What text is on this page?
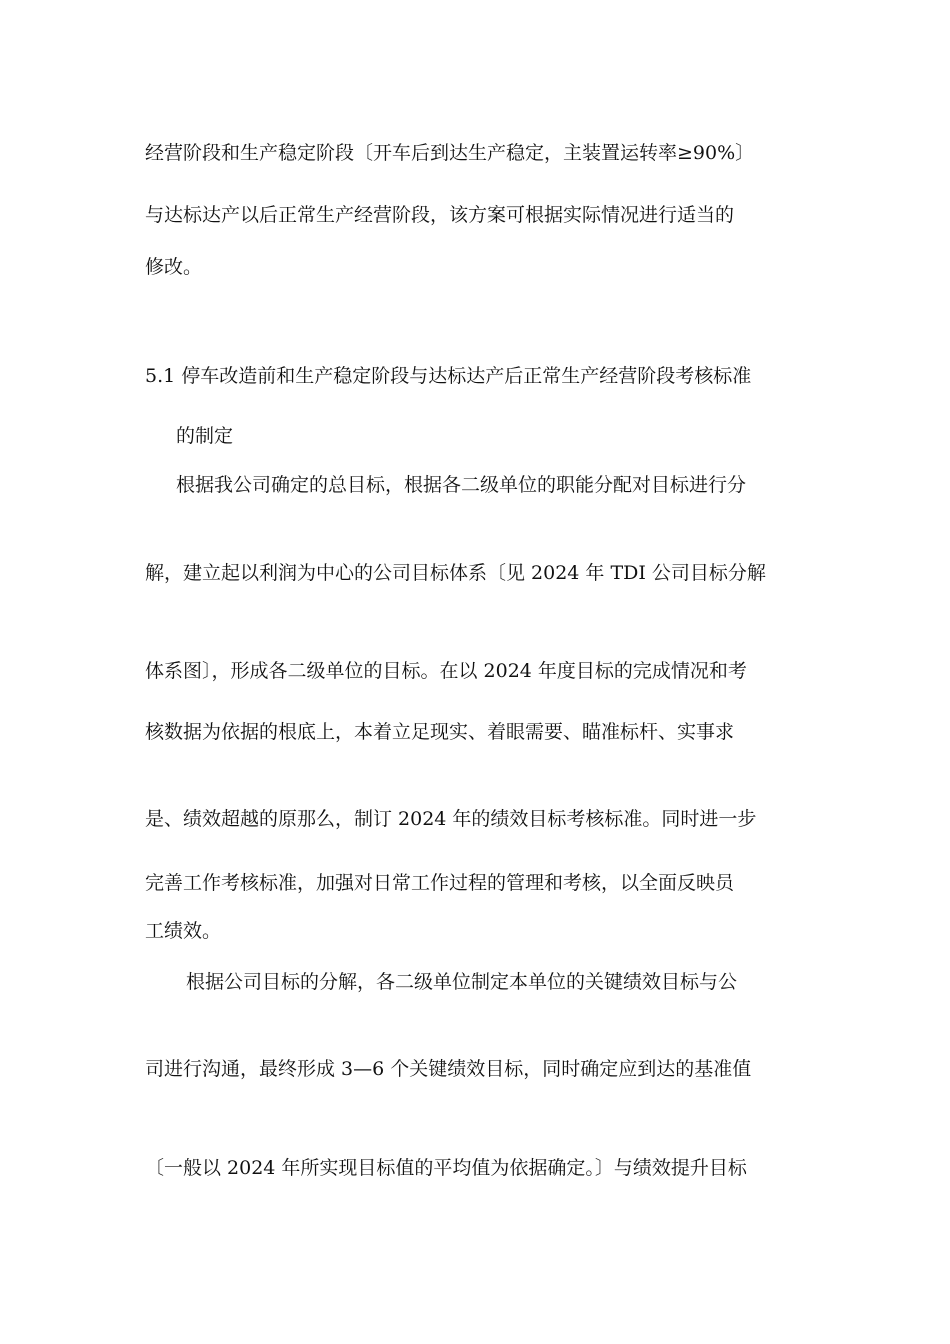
经营阶段和生产稳定阶段〔开车后到达生产稳定，主装置运转率≥90%〕
与达标达产以后正常生产经营阶段，该方案可根据实际情况进行适当的
修改。
5.1 停车改造前和生产稳定阶段与达标达产后正常生产经营阶段考核标准
的制定
根据我公司确定的总目标，根据各二级单位的职能分配对目标进行分
解，建立起以利润为中心的公司目标体系〔见 2024 年 TDI 公司目标分解
体系图〕，形成各二级单位的目标。在以 2024 年度目标的完成情况和考
核数据为依据的根底上，本着立足现实、着眼需要、瞄准标杆、实事求
是、绩效超越的原那么，制订 2024 年的绩效目标考核标准。同时进一步
完善工作考核标准，加强对日常工作过程的管理和考核，以全面反映员
工绩效。
根据公司目标的分解，各二级单位制定本单位的关键绩效目标与公
司进行沟通，最终形成 3—6 个关键绩效目标，同时确定应到达的基准值
〔一般以 2024 年所实现目标值的平均值为依据确定。〕与绩效提升目标
